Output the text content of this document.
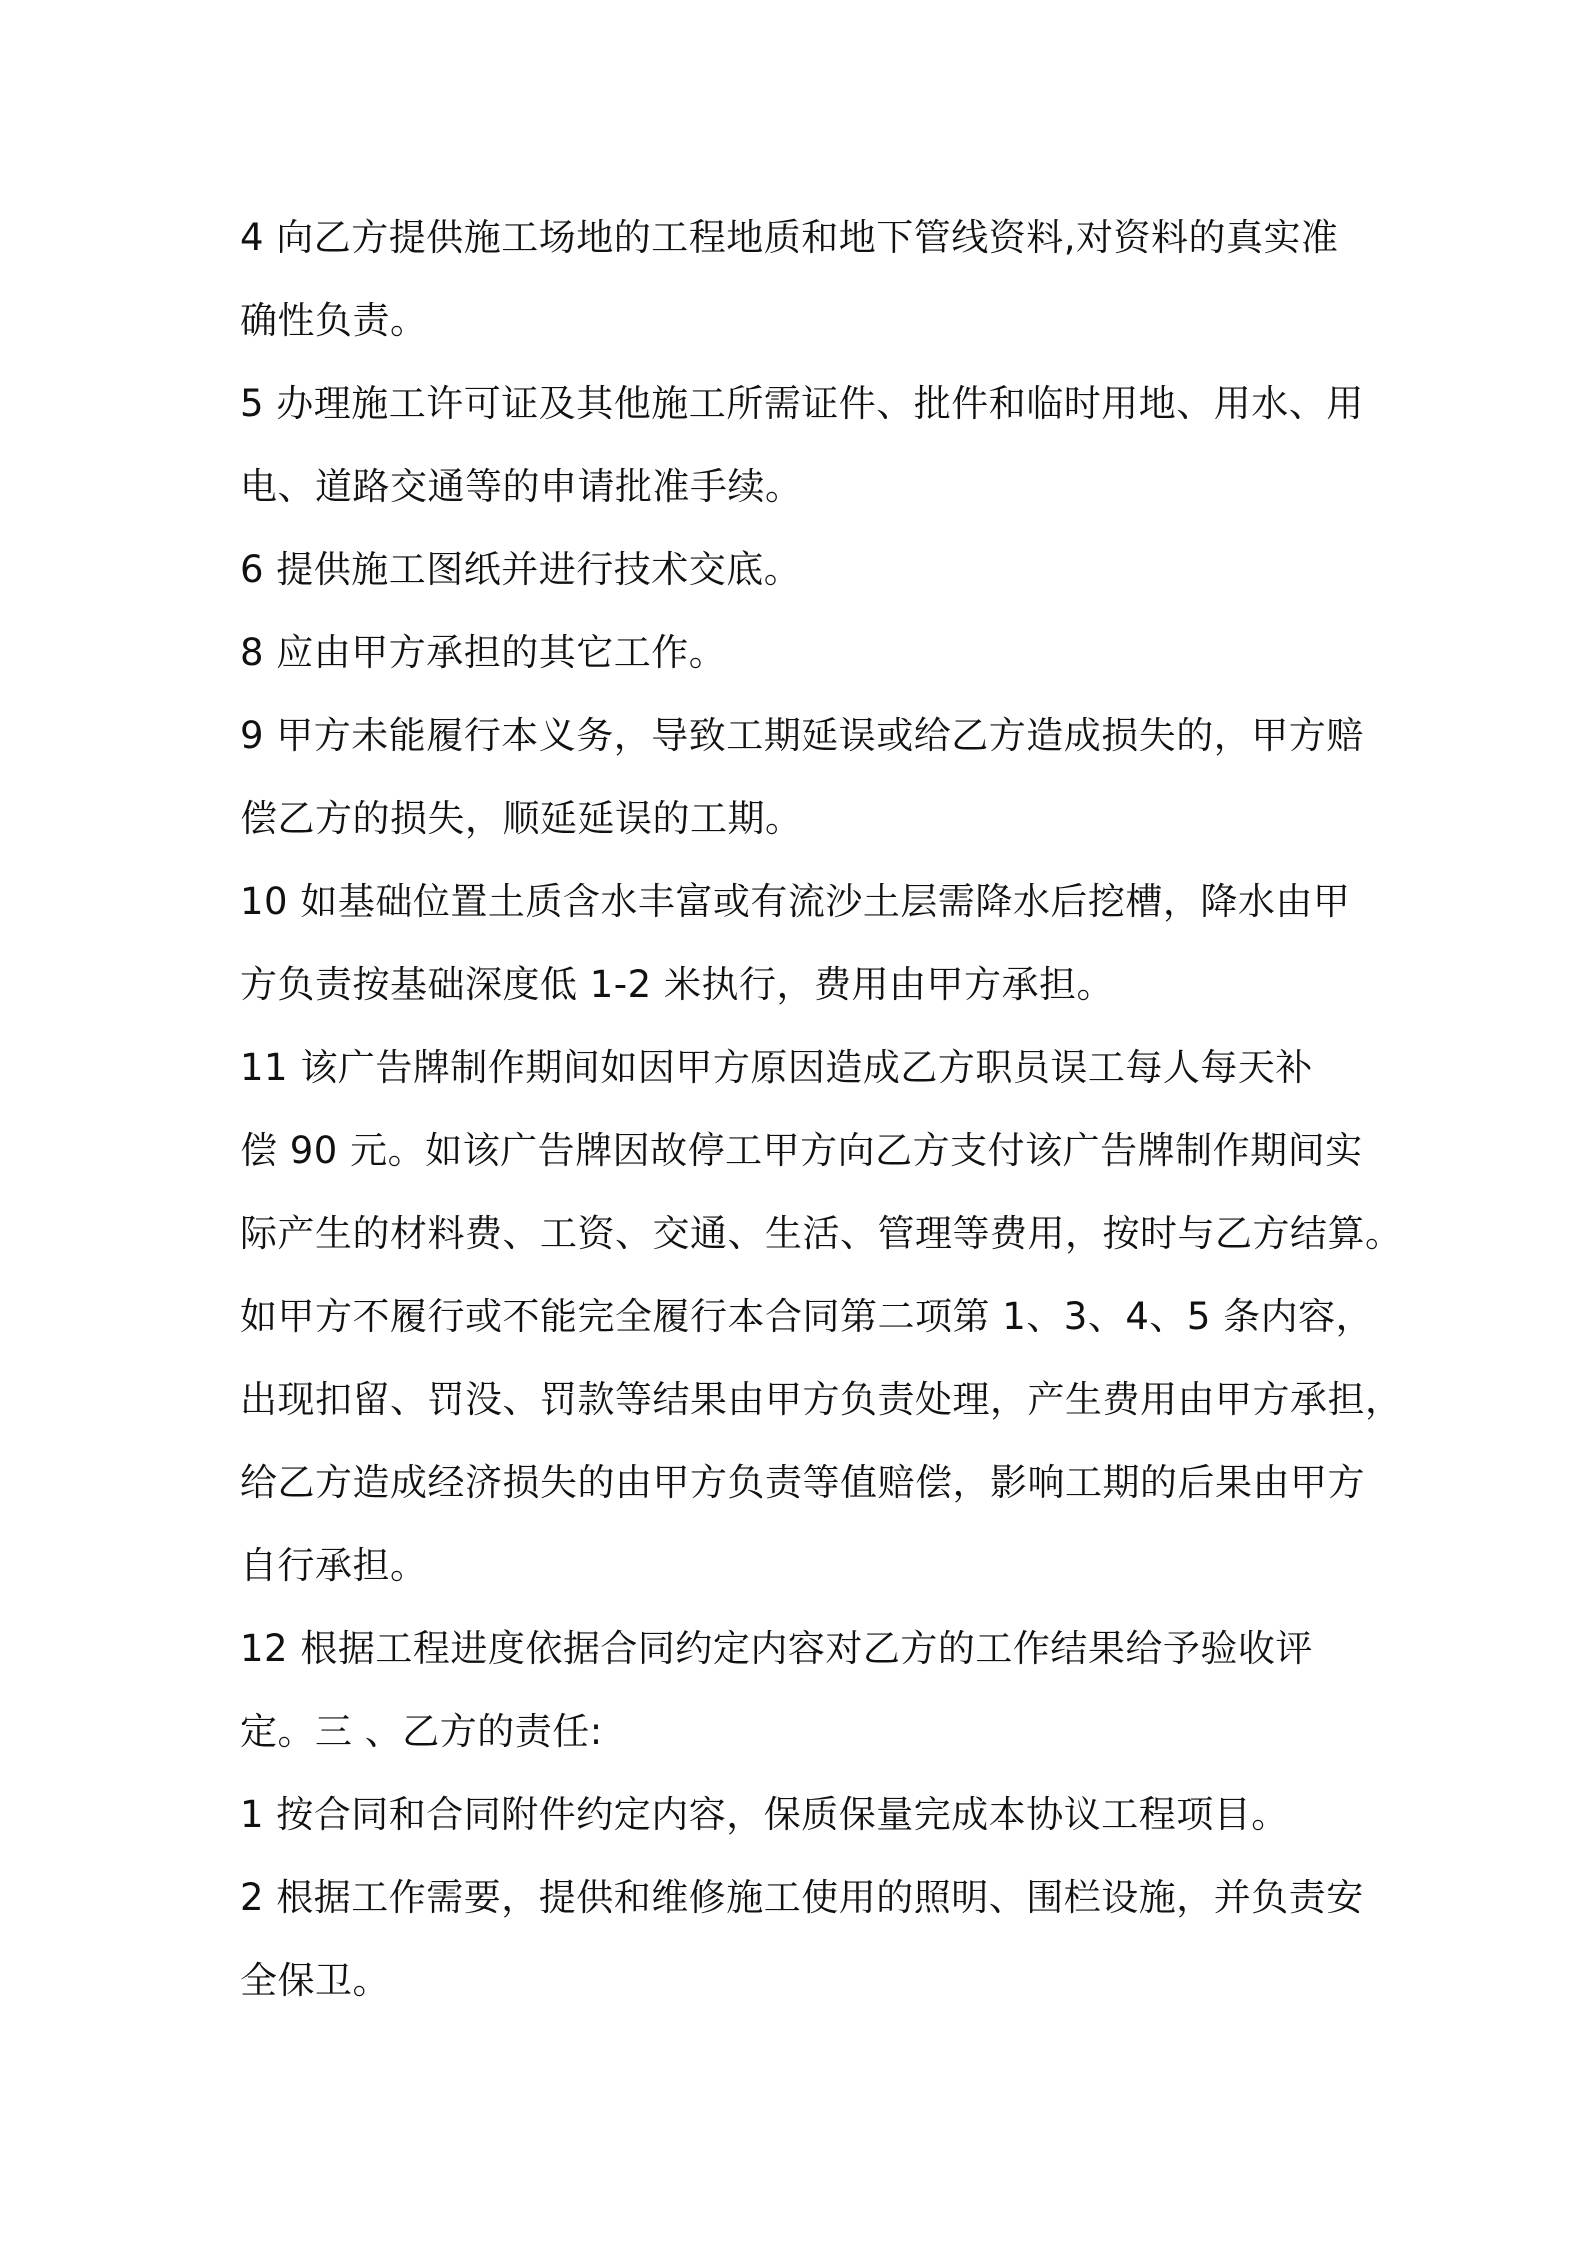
4 向乙方提供施工场地的工程地质和地下管线资料,对资料的真实准
确性负责。

5 办理施工许可证及其他施工所需证件、批件和临时用地、用水、用
电、道路交通等的申请批准手续。

6 提供施工图纸并进行技术交底。

8 应由甲方承担的其它工作。

9 甲方未能履行本义务，导致工期延误或给乙方造成损失的，甲方赔
偿乙方的损失，顺延延误的工期。

10 如基础位置土质含水丰富或有流沙土层需降水后挖槽，降水由甲
方负责按基础深度低 1-2 米执行，费用由甲方承担。

11 该广告牌制作期间如因甲方原因造成乙方职员误工每人每天补
偿 90 元。如该广告牌因故停工甲方向乙方支付该广告牌制作期间实
际产生的材料费、工资、交通、生活、管理等费用，按时与乙方结算。
如甲方不履行或不能完全履行本合同第二项第 1、3、4、5 条内容，
出现扣留、罚没、罚款等结果由甲方负责处理，产生费用由甲方承担，
给乙方造成经济损失的由甲方负责等值赔偿，影响工期的后果由甲方
自行承担。

12 根据工程进度依据合同约定内容对乙方的工作结果给予验收评
定。三 、乙方的责任:

1 按合同和合同附件约定内容，保质保量完成本协议工程项目。

2 根据工作需要，提供和维修施工使用的照明、围栏设施，并负责安
全保卫。
